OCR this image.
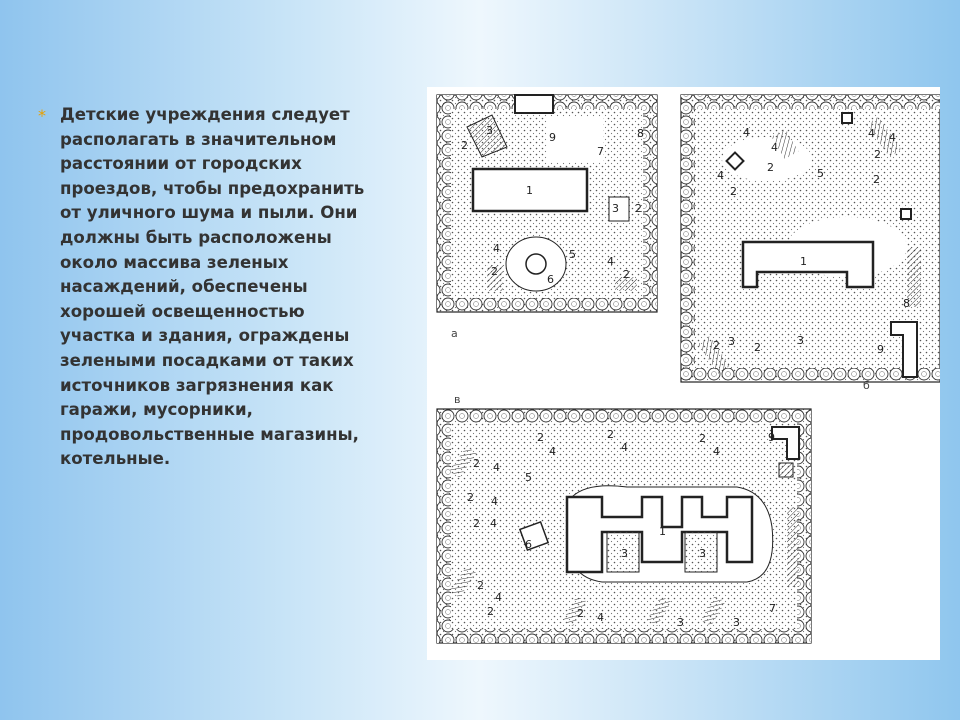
* Детские учреждения следует
располагать в значительном
расстоянии от городских
проездов, чтобы предохранить
от уличного шума и пыли. Они
должны быть расположены
около массива зеленых
насаждений, обеспечены
хорошей освещенностью
участка и здания, ограждены
зелеными посадками от таких
источников загрязнения как
гаражи, мусорники,
продовольственные магазины,
котельные.

3
2
9	8
7
1
3 2
4
2
5
6
4
2
а
4
4
2
4
2
5
4 4
2
2
1
8
2 3 2
3
9
б
в
2
4
2
4
2
4
9
2 4
5
2 4
2 4
6
1
3	3
2
4
2	2 4	3	3
7
